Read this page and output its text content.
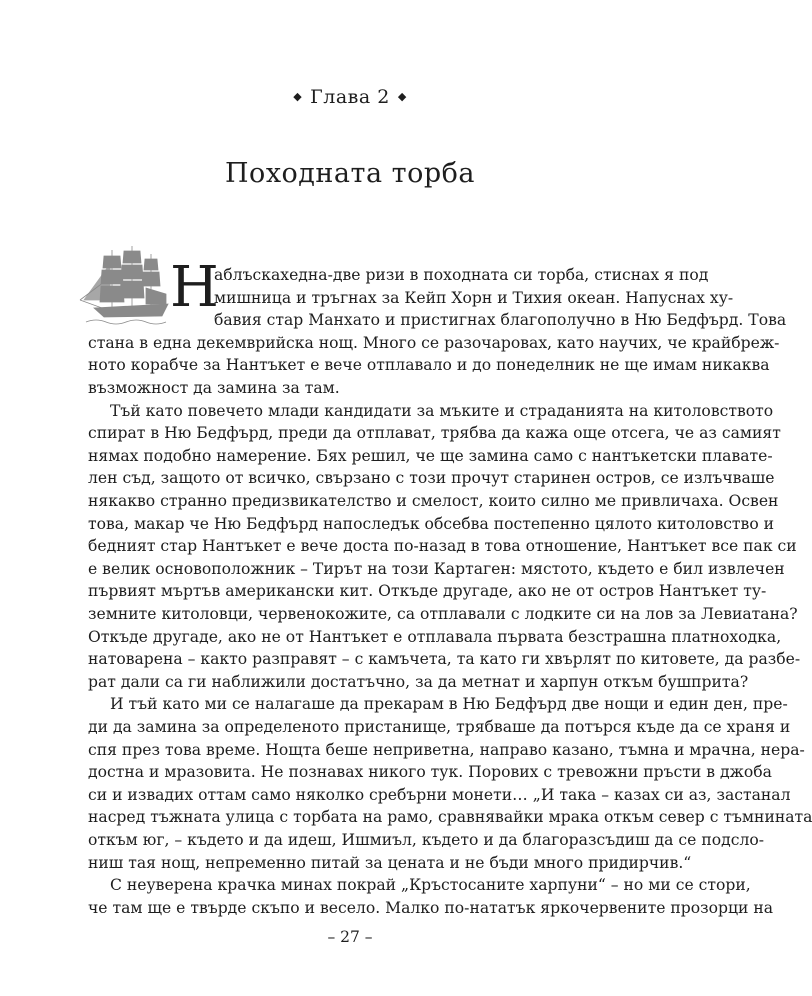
◆ Глава 2 ◆
Походната торба
Н
аблъскахедна-две ризи в походната си торба, стиснах я под
мишница и тръгнах за Кейп Хорн и Тихия океан. Напуснах ху-
бавия стар Манхато и пристигнах благополучно в Ню Бедфърд. Това
стана в една декемврийска нощ. Много се разочаровах, като научих, че крайбреж-
ното корабче за Нантъкет е вече отплавало и до понеделник не ще имам никаква
възможност да замина за там.
Тъй като повечето млади кандидати за мъките и страданията на китоловството
спират в Ню Бедфърд, преди да отплават, трябва да кажа още отсега, че аз самият
нямах подобно намерение. Бях решил, че ще замина само с нантъкетски плавате-
лен съд, защото от всичко, свързано с този прочут старинен остров, се излъчваше
някакво странно предизвикателство и смелост, които силно ме привличаха. Освен
това, макар че Ню Бедфърд напоследък обсебва постепенно цялото китоловство и
бедният стар Нантъкет е вече доста по-назад в това отношение, Нантъкет все пак си
е велик основоположник – Тирът на този Картаген: мястото, където е бил извлечен
първият мъртъв американски кит. Откъде другаде, ако не от остров Нантъкет ту-
земните китоловци, червенокожите, са отплавали с лодките си на лов за Левиатана?
Откъде другаде, ако не от Нантъкет е отплавала първата безстрашна платноходка,
натоварена – както разправят – с камъчета, та като ги хвърлят по китовете, да разбе-
рат дали са ги наближили достатъчно, за да метнат и харпун откъм бушприта?
И тъй като ми се налагаше да прекарам в Ню Бедфърд две нощи и един ден, пре-
ди да замина за определеното пристанище, трябваше да потърся къде да се храня и
спя през това време. Нощта беше неприветна, направо казано, тъмна и мрачна, нера-
достна и мразовита. Не познавах никого тук. Порових с тревожни пръсти в джоба
си и извадих оттам само няколко сребърни монети… „И така – казах си аз, застанал
насред тъжната улица с торбата на рамо, сравнявайки мрака откъм север с тъмнината
откъм юг, – където и да идеш, Ишмиъл, където и да благоразсъдиш да се подсло-
ниш тая нощ, непременно питай за цената и не бъди много придирчив.“
С неуверена крачка минах покрай „Кръстосаните харпуни“ – но ми се стори,
че там ще е твърде скъпо и весело. Малко по-нататък яркочервените прозорци на
– 27 –
